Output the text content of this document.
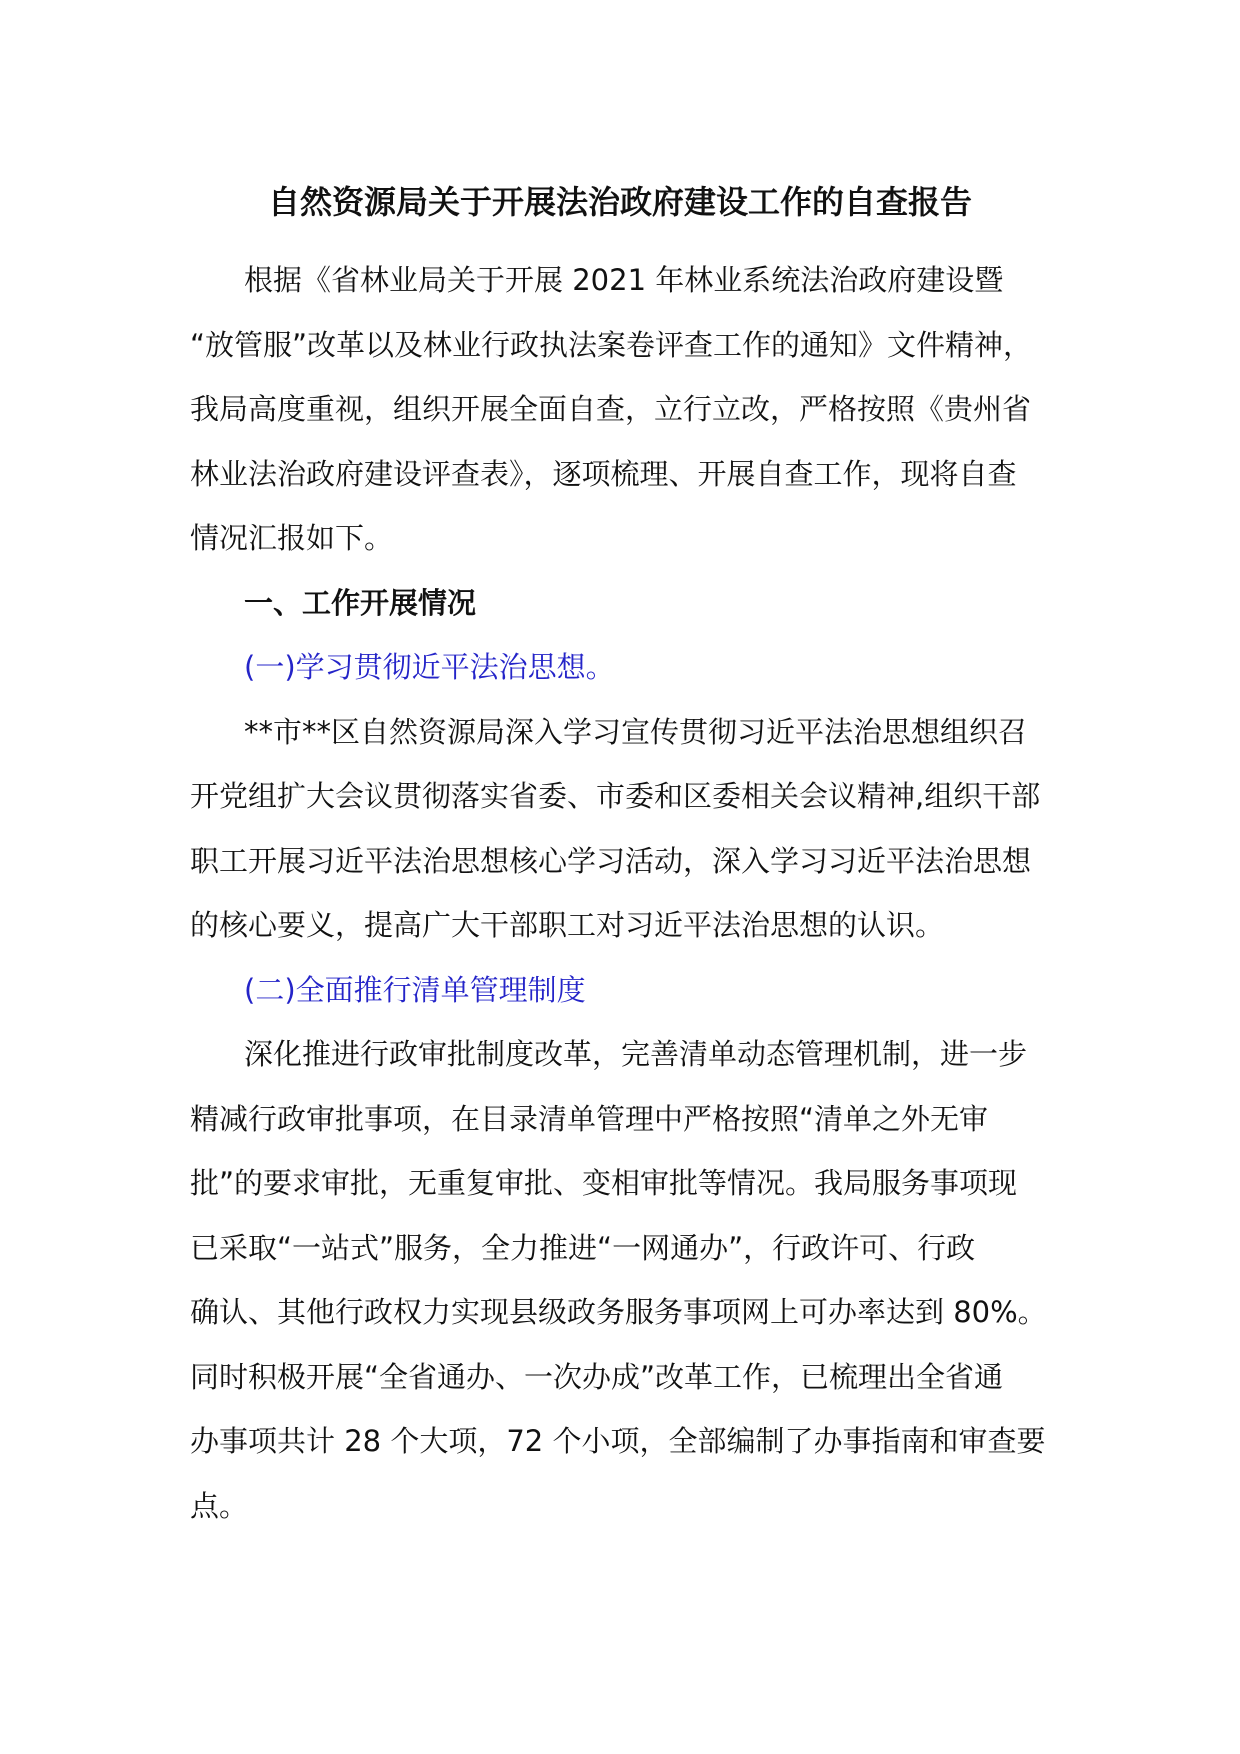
自然资源局关于开展法治政府建设工作的自查报告
根据《省林业局关于开展 2021 年林业系统法治政府建设暨
“放管服”改革以及林业行政执法案卷评查工作的通知》文件精神，
我局高度重视，组织开展全面自查，立行立改，严格按照《贵州省
林业法治政府建设评查表》，逐项梳理、开展自查工作，现将自查
情况汇报如下。
一、工作开展情况
(一)学习贯彻近平法治思想。
**市**区自然资源局深入学习宣传贯彻习近平法治思想组织召
开党组扩大会议贯彻落实省委、市委和区委相关会议精神,组织干部
职工开展习近平法治思想核心学习活动，深入学习习近平法治思想
的核心要义，提高广大干部职工对习近平法治思想的认识。
(二)全面推行清单管理制度
深化推进行政审批制度改革，完善清单动态管理机制，进一步
精减行政审批事项，在目录清单管理中严格按照“清单之外无审
批”的要求审批，无重复审批、变相审批等情况。我局服务事项现
已采取“一站式”服务，全力推进“一网通办”，行政许可、行政
确认、其他行政权力实现县级政务服务事项网上可办率达到 80%。
同时积极开展“全省通办、一次办成”改革工作，已梳理出全省通
办事项共计 28 个大项，72 个小项，全部编制了办事指南和审查要
点。
